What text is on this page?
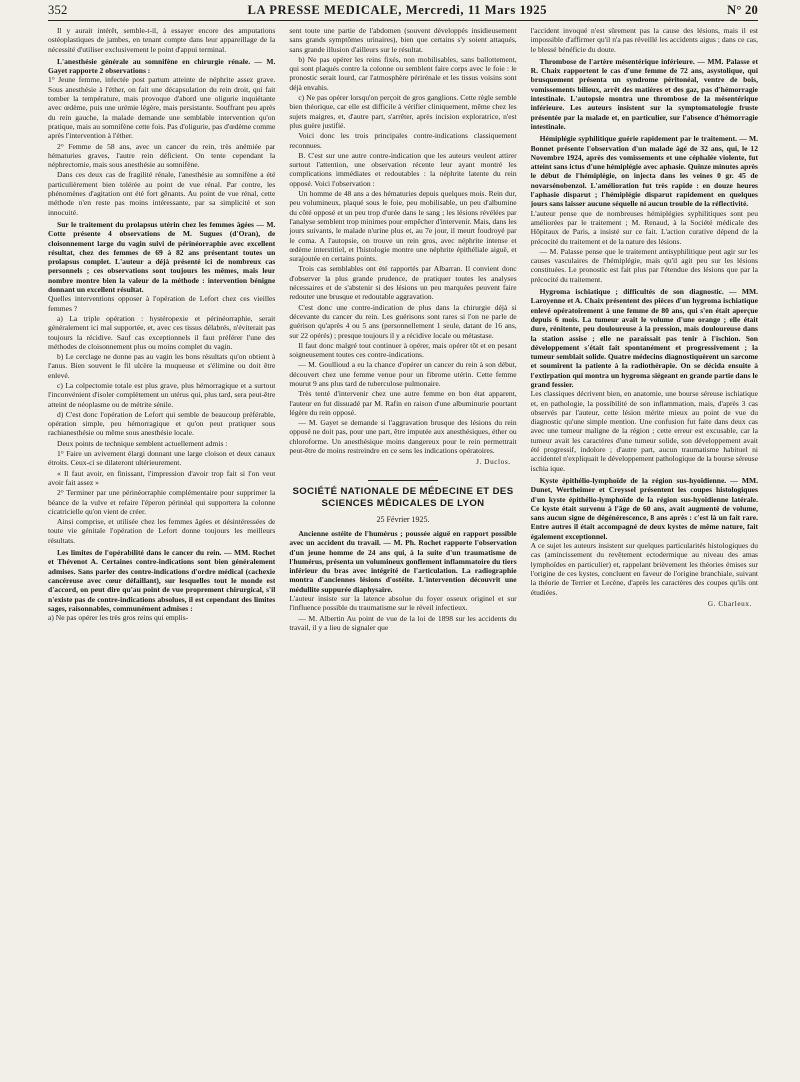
352	LA PRESSE MEDICALE, Mercredi, 11 Mars 1925	N° 20

Il y aurait intérêt, semble-t-il, à essayer encore des amputations ostéoplastiques de jambes, en tenant compte dans leur appareillage de la nécessité d'utiliser exclusivement le point d'appui terminal.

L'anesthésie générale au somnifène en chirurgie rénale. — M. Gayet rapporte 2 observations :

1° Jeune femme, infectée post partum atteinte de néphrite assez grave. Sous anesthésie à l'éther, on fait une décapsulation du rein droit, qui fait tomber la température, mais provoque d'abord une oligurie inquiétante avec œdème, puis une urémie légère, mais persistante. Souffrant peu après du rein gauche, la malade demande une semblable intervention qu'on pratique, mais au somnifène cette fois. Pas d'oligurie, pas d'œdème comme après l'intervention à l'éther.

2° Femme de 58 ans, avec un cancer du rein, très anémiée par hématuries graves, l'autre rein déficient. On tente cependant la néphrectomie, mais sous anesthésie au somnifène.

Dans ces deux cas de fragilité rénale, l'anesthésie au somnifène a été particulièrement bien tolérée au point de vue rénal. Par contre, les phénomènes d'agitation ont été fort gênants. Au point de vue rénal, cette méthode n'en reste pas moins intéressante, par sa simplicité et son innocuité.

Sur le traitement du prolapsus utérin chez les femmes âgées — M. Cotte présente 4 observations de M. Sugues (d'Oran), de cloisonnement large du vagin suivi de périnéorraphie avec excellent résultat, chez des femmes de 69 à 82 ans présentant toutes un prolapsus complet. L'auteur a déjà présenté ici de nombreux cas personnels ; ces observations sont toujours les mêmes, mais leur nombre montre bien la valeur de la méthode : intervention bénigne donnant un excellent résultat.

Quelles interventions opposer à l'opération de Lefort chez ces vieilles femmes ?

a) La triple opération : hystéropexie et périnéorraphie, serait généralement ici mal supportée, et, avec ces tissus délabrés, n'éviterait pas toujours la récidive. Sauf cas exceptionnels il faut préférer l'une des méthodes de cloisonnement plus ou moins complet du vagin.

b) Le cerclage ne donne pas au vagin les bons résultats qu'on obtient à l'anus. Bien souvent le fil ulcère la muqueuse et s'élimine ou doit être enlevé.

c) La colpectomie totale est plus grave, plus hémorragique et a surtout l'inconvénient d'isoler complètement un utérus qui, plus tard, sera peut-être atteint de néoplasme ou de métrite sénile.

d) C'est donc l'opération de Lefort qui semble de beaucoup préférable, opération simple, peu hémorragique et qu'on peut pratiquer sous rachianesthésie ou même sous anesthésie locale.

Deux points de technique semblent actuellement admis :

1° Faire un avivement élargi donnant une large cloison et deux canaux étroits. Ceux-ci se dilateront ultérieurement.

« Il faut avoir, en finissant, l'impression d'avoir trop fait si l'on veut avoir fait assez »

2° Terminer par une périnéorraphie complémentaire pour supprimer la béance de la vulve et refaire l'éperon périnéal qui supportera la colonne cicatricielle qu'on vient de créer.

Ainsi comprise, et utilisée chez les femmes âgées et désintéressées de toute vie génitale l'opération de Lefort donne toujours les meilleurs résultats.

Les limites de l'opérabilité dans le cancer du rein. — MM. Rochet et Thévenot A. Certaines contre-indications sont bien généralement admises. Sans parler des contre-indications d'ordre médical (cachexie cancéreuse avec cœur défaillant), sur lesquelles tout le monde est d'accord, on peut dire qu'au point de vue proprement chirurgical, s'il n'existe pas de contre-indications absolues, il est cependant des limites sages, raisonnables, communément admises :

a) Ne pas opérer les très gros reins qui emplis-

sent toute une partie de l'abdomen (souvent développés insidieusement sans grands symptômes urinaires), bien que certains s'y soient attaqués, sans grande illusion d'ailleurs sur le résultat.

b) Ne pas opérer les reins fixés, non mobilisables, sans ballottement, qui sont plaqués contre la colonne ou semblent faire corps avec le foie : le pronostic serait lourd, car l'atmosphère périrénale et les tissus voisins sont déjà envahis.

c) Ne pas opérer lorsqu'on perçoit de gros ganglions. Cette règle semble bien théorique, car elle est difficile à vérifier cliniquement, même chez les sujets maigres, et, d'autre part, s'arrêter, après incision exploratrice, n'est plus guère justifié.

Voici donc les trois principales contre-indications classiquement reconnues.

B. C'est sur une autre contre-indication que les auteurs veulent attirer surtout l'attention, une observation récente leur ayant montré les complications immédiates et redoutables : la néphrite latente du rein opposé. Voici l'observation :

Un homme de 48 ans a des hématuries depuis quelques mois. Rein dur, peu volumineux, plaqué sous le foie, peu mobilisable, un peu d'albumine du côté opposé et un peu trop d'urée dans le sang ; les lésions révélées par l'analyse semblent trop minimes pour empêcher d'intervenir. Mais, dans les jours suivants, le malade n'urine plus et, au 7e jour, il meurt foudroyé par le coma. A l'autopsie, on trouve un rein gros, avec néphrite intense et œdème interstitiel, et l'histologie montre une néphrite épithéliale aiguë, et surajoutée en certains points.

Trois cas semblables ont été rapportés par Albarran. Il convient donc d'observer la plus grande prudence, de pratiquer toutes les analyses nécessaires et de s'abstenir si des lésions un peu marquées peuvent faire redouter une brusque et redoutable aggravation.

C'est donc une contre-indication de plus dans la chirurgie déjà si décevante du cancer du rein. Les guérisons sont rares si l'on ne parle de guérison qu'après 4 ou 5 ans (personnellement 1 seule, datant de 16 ans, sur 22 opérés) ; presque toujours il y a récidive locale ou métastase.

Il faut donc malgré tout continuer à opérer, mais opérer tôt et en pesant soigneusement toutes ces contre-indications.

— M. Goullioud a eu la chance d'opérer un cancer du rein à son début, découvert chez une femme venue pour un fibrome utérin. Cette femme mourut 9 ans plus tard de tuberculose pulmonaire.

Très tenté d'intervenir chez une autre femme en bon état apparent, l'auteur en fut dissuadé par M. Rafin en raison d'une albuminurie pourtant légère du rein opposé.

— M. Gayet se demande si l'aggravation brusque des lésions du rein opposé ne doit pas, pour une part, être imputée aux anesthésiques, éther ou chloroforme. Un anesthésique moins dangereux pour le rein permettrait peut-être de moins restreindre en ce sens les indications opératoires.

J. Duclos.
SOCIÉTÉ NATIONALE DE MÉDECINE ET DES SCIENCES MÉDICALES DE LYON
25 Février 1925.
Ancienne ostéite de l'humérus ; poussée aiguë en rapport possible avec un accident du travail. — M. Ph. Rochet rapporte l'observation d'un jeune homme de 24 ans qui, à la suite d'un traumatisme de l'humérus, présenta un volumineux gonflement inflammatoire du tiers inférieur du bras avec intégrité de l'articulation. La radiographie montra d'anciennes lésions d'ostéite. L'intervention découvrit une médullite suppurée diaphysaire.

L'auteur insiste sur la latence absolue du foyer osseux originel et sur l'influence possible du traumatisme sur le réveil infectieux.

— M. Albertin Au point de vue de la loi de 1898 sur les accidents du travail, il y a lieu de signaler que

l'accident invoqué n'est sûrement pas la cause des lésions, mais il est impossible d'affirmer qu'il n'a pas réveillé les accidents aigus ; dans ce cas, le blessé bénéficie du doute.

Thrombose de l'artère mésentérique inférieure. — MM. Palasse et R. Chaix rapportent le cas d'une femme de 72 ans, asystolique, qui brusquement présenta un syndrome péritonéal, ventre de bois, vomissements bilieux, arrêt des matières et des gaz, pas d'hémorragie intestinale. L'autopsie montra une thrombose de la mésentérique inférieure. Les auteurs insistent sur la symptomatologie fruste présentée par la malade et, en particulier, sur l'absence d'hémorragie intestinale.
Hémiplégie syphilitique guérie rapidement par le traitement. — M. Bonnet présente l'observation d'un malade âgé de 32 ans, qui, le 12 Novembre 1924, après des vomissements et une céphalée violente, fut atteint sans ictus d'une hémiplégie avec aphasie. Quinze minutes après le début de l'hémiplégie, on injecta dans les veines 0 gr. 45 de novarsénobenzol. L'amélioration fut très rapide : en douze heures l'aphasie disparut ; l'hémiplégie disparut rapidement en quelques jours sans laisser aucune séquelle ni aucun trouble de la réflectivité.

L'auteur pense que de nombreuses hémiplégies syphilitiques sont peu améliorées par le traitement ; M. Renaud, à la Société médicale des Hôpitaux de Paris, a insisté sur ce fait. L'action curative dépend de la précocité du traitement et de la nature des lésions.

— M. Palasse pense que le traitement antisyphilitique peut agir sur les causes vasculaires de l'hémiplégie, mais qu'il agit peu sur les lésions constituées. Le pronostic est fait plus par l'étendue des lésions que par la précocité du traitement.

Hygroma ischiatique ; difficultés de son diagnostic. — MM. Laroyenne et A. Chaix présentent des pièces d'un hygroma ischiatique enlevé opératoirement à une femme de 80 ans, qui s'en était aperçue depuis 6 mois. La tumeur avait le volume d'une orange ; elle était dure, rénitente, peu douloureuse à la pression, mais douloureuse dans la station assise ; elle ne paraissait pas tenir à l'ischion. Son développement s'était fait spontanément et progressivement ; la tumeur semblait solide. Quatre médecins diagnostiquèrent un sarcome et soumirent la patiente à la radiothérapie. On se décida ensuite à l'extirpation qui montra un hygroma siégeant en grande partie dans le grand fessier.

Les classiques décrivent bien, en anatomie, une bourse séreuse ischiatique et, en pathologie, la possibilité de son inflammation, mais, d'après 3 cas observés par l'auteur, cette lésion mérite mieux au point de vue du diagnostic qu'une simple mention. Une confusion fut faite dans deux cas avec une tumeur maligne de la région ; cette erreur est excusable, car la tumeur avait les caractères d'une tumeur solide, son développement avait été progressif, indolore ; d'autre part, aucun traumatisme habituel ni accidentel n'expliquait le développement pathologique de la bourse séreuse ischia ique.

Kyste épithélio-lymphoïde de la région sus-hyoïdienne. — MM. Dunet, Wertheimer et Creyssel présentent les coupes histologiques d'un kyste épithélio-lymphoïde de la région sus-hyoïdienne latérale. Ce kyste était survenu à l'âge de 60 ans, avait augmenté de volume, sans aucun signe de dégénérescence, 8 ans après : c'est là un fait rare. Entre autres il était accompagné de deux kystes de même nature, fait également exceptionnel.

A ce sujet les auteurs insistent sur quelques particularités histologiques du cas (amincissement du revêtement ectodermique au niveau des amas lymphoïdes en particulier) et, rappelant brièvement les théories émises sur l'origine de ces kystes, concluent en faveur de l'origine branchiale, suivant la théorie de Terrier et Lecène, d'après les caractères des coupes qu'ils ont étudiées.

G. Charleux.
